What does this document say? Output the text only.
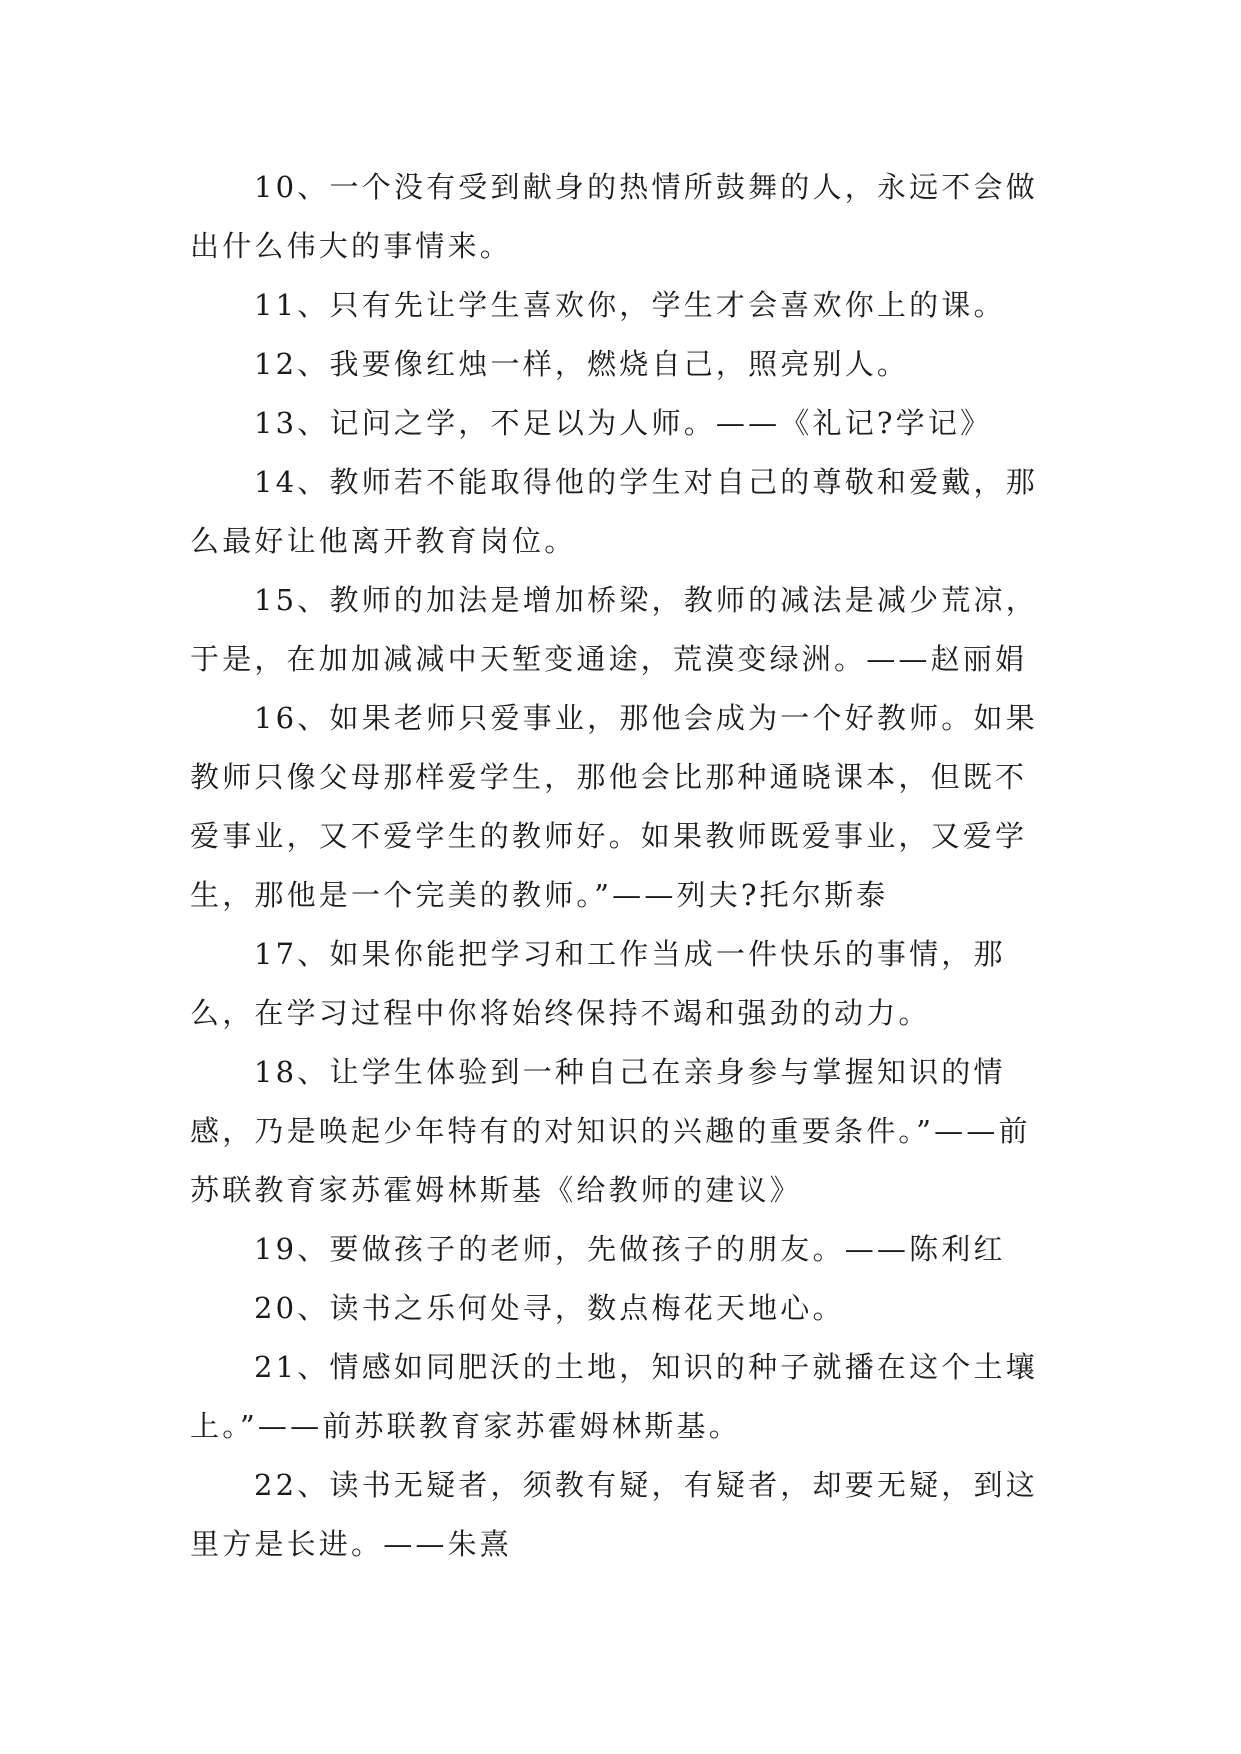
10、一个没有受到献身的热情所鼓舞的人，永远不会做出什么伟大的事情来。

11、只有先让学生喜欢你，学生才会喜欢你上的课。

12、我要像红烛一样，燃烧自己，照亮别人。

13、记问之学，不足以为人师。——《礼记?学记》

14、教师若不能取得他的学生对自己的尊敬和爱戴，那么最好让他离开教育岗位。

15、教师的加法是增加桥梁，教师的减法是减少荒凉，于是，在加加减减中天堑变通途，荒漠变绿洲。——赵丽娟

16、如果老师只爱事业，那他会成为一个好教师。如果教师只像父母那样爱学生，那他会比那种通晓课本，但既不爱事业，又不爱学生的教师好。如果教师既爱事业，又爱学生，那他是一个完美的教师。”——列夫?托尔斯泰

17、如果你能把学习和工作当成一件快乐的事情，那么，在学习过程中你将始终保持不竭和强劲的动力。

18、让学生体验到一种自己在亲身参与掌握知识的情感，乃是唤起少年特有的对知识的兴趣的重要条件。”——前苏联教育家苏霍姆林斯基《给教师的建议》

19、要做孩子的老师，先做孩子的朋友。——陈利红

20、读书之乐何处寻，数点梅花天地心。

21、情感如同肥沃的土地，知识的种子就播在这个土壤上。”——前苏联教育家苏霍姆林斯基。

22、读书无疑者，须教有疑，有疑者，却要无疑，到这里方是长进。——朱熹
